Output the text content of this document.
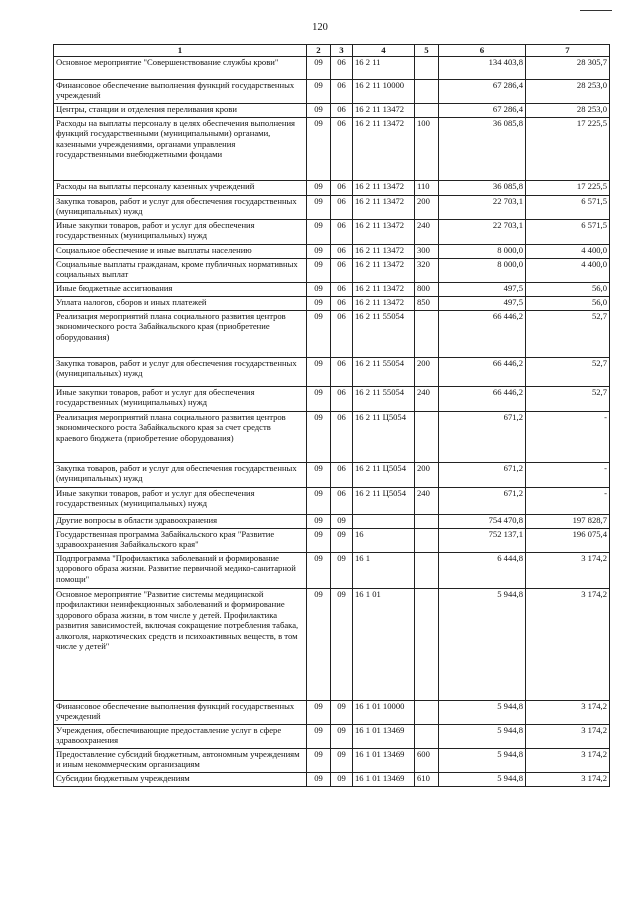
120
1	2	3	4	5	6	7
Основное мероприятие "Совершенствование службы крови"	09	06	16 2 11		134 403,8	28 305,7
Финансовое обеспечение выполнения функций государственных учреждений	09	06	16 2 11 10000		67 286,4	28 253,0
Центры, станции и отделения переливания крови	09	06	16 2 11 13472		67 286,4	28 253,0
Расходы на выплаты персоналу в целях обеспечения выполнения функций государственными (муниципальными) органами, казенными учреждениями, органами управления государственными внебюджетными фондами	09	06	16 2 11 13472	100	36 085,8	17 225,5
Расходы на выплаты персоналу казенных учреждений	09	06	16 2 11 13472	110	36 085,8	17 225,5
Закупка товаров, работ и услуг для обеспечения государственных (муниципальных) нужд	09	06	16 2 11 13472	200	22 703,1	6 571,5
Иные закупки товаров, работ и услуг для обеспечения государственных (муниципальных) нужд	09	06	16 2 11 13472	240	22 703,1	6 571,5
Социальное обеспечение и иные выплаты населению	09	06	16 2 11 13472	300	8 000,0	4 400,0
Социальные выплаты гражданам, кроме публичных нормативных социальных выплат	09	06	16 2 11 13472	320	8 000,0	4 400,0
Иные бюджетные ассигнования	09	06	16 2 11 13472	800	497,5	56,0
Уплата налогов, сборов и иных платежей	09	06	16 2 11 13472	850	497,5	56,0
Реализация мероприятий плана социального развития центров экономического роста Забайкальского края (приобретение оборудования)	09	06	16 2 11 55054		66 446,2	52,7
Закупка товаров, работ и услуг для обеспечения государственных (муниципальных) нужд	09	06	16 2 11 55054	200	66 446,2	52,7
Иные закупки товаров, работ и услуг для обеспечения государственных (муниципальных) нужд	09	06	16 2 11 55054	240	66 446,2	52,7
Реализация мероприятий плана социального развития центров экономического роста Забайкальского края за счет средств краевого бюджета (приобретение оборудования)	09	06	16 2 11 Ц5054		671,2	-
Закупка товаров, работ и услуг для обеспечения государственных (муниципальных) нужд	09	06	16 2 11 Ц5054	200	671,2	-
Иные закупки товаров, работ и услуг для обеспечения государственных (муниципальных) нужд	09	06	16 2 11 Ц5054	240	671,2	-
Другие вопросы в области здравоохранения	09	09			754 470,8	197 828,7
Государственная программа Забайкальского края "Развитие здравоохранения Забайкальского края"	09	09	16		752 137,1	196 075,4
Подпрограмма "Профилактика заболеваний и формирование здорового образа жизни. Развитие первичной медико-санитарной помощи"	09	09	16 1		6 444,8	3 174,2
Основное мероприятие "Развитие системы медицинской профилактики неинфекционных заболеваний и формирование здорового образа жизни, в том числе у детей. Профилактика развития зависимостей, включая сокращение потребления табака, алкоголя, наркотических средств и психоактивных веществ, в том числе у детей"	09	09	16 1 01		5 944,8	3 174,2
Финансовое обеспечение выполнения функций государственных учреждений	09	09	16 1 01 10000		5 944,8	3 174,2
Учреждения, обеспечивающие предоставление услуг в сфере здравоохранения	09	09	16 1 01 13469		5 944,8	3 174,2
Предоставление субсидий бюджетным, автономным учреждениям и иным некоммерческим организациям	09	09	16 1 01 13469	600	5 944,8	3 174,2
Субсидии бюджетным учреждениям	09	09	16 1 01 13469	610	5 944,8	3 174,2
